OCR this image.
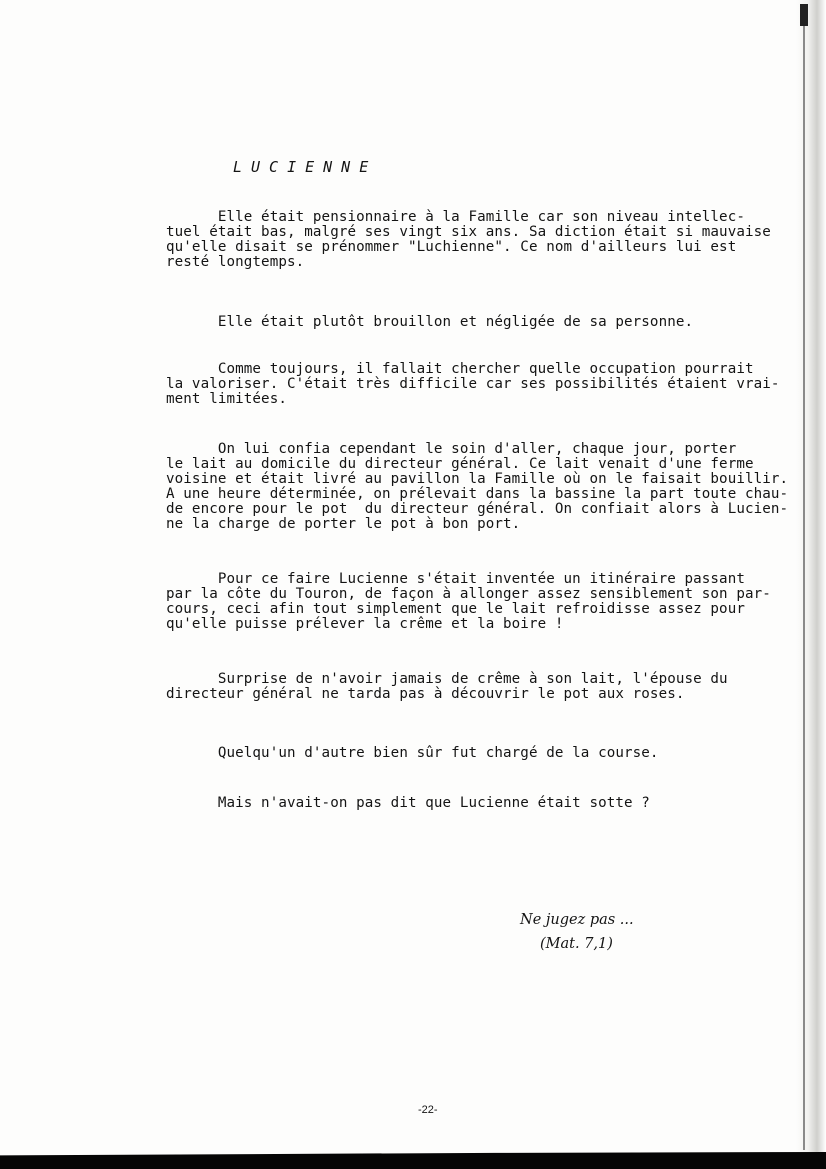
LUCIENNE

Elle était pensionnaire à la Famille car son niveau intellec-
tuel était bas, malgré ses vingt six ans. Sa diction était si mauvaise
qu'elle disait se prénommer "Luchienne". Ce nom d'ailleurs lui est
resté longtemps.

Elle était plutôt brouillon et négligée de sa personne.

Comme toujours, il fallait chercher quelle occupation pourrait
la valoriser. C'était très difficile car ses possibilités étaient vrai-
ment limitées.

On lui confia cependant le soin d'aller, chaque jour, porter
le lait au domicile du directeur général. Ce lait venait d'une ferme
voisine et était livré au pavillon la Famille où on le faisait bouillir.
A une heure déterminée, on prélevait dans la bassine la part toute chau-
de encore pour le pot  du directeur général. On confiait alors à Lucien-
ne la charge de porter le pot à bon port.

Pour ce faire Lucienne s'était inventée un itinéraire passant
par la côte du Touron, de façon à allonger assez sensiblement son par-
cours, ceci afin tout simplement que le lait refroidisse assez pour
qu'elle puisse prélever la crême et la boire !

Surprise de n'avoir jamais de crême à son lait, l'épouse du
directeur général ne tarda pas à découvrir le pot aux roses.

Quelqu'un d'autre bien sûr fut chargé de la course.

Mais n'avait-on pas dit que Lucienne était sotte ?

Ne jugez pas ...
(Mat. 7,1)
-22-
